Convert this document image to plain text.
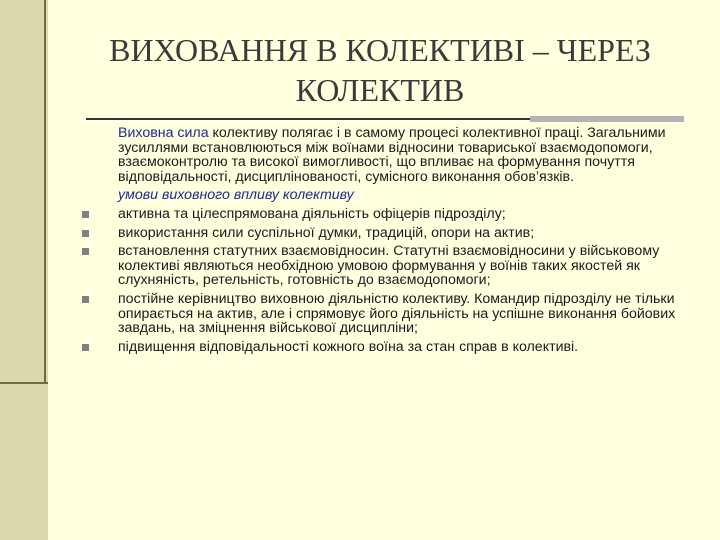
ВИХОВАННЯ В КОЛЕКТИВІ – ЧЕРЕЗ КОЛЕКТИВ

Виховна сила колективу полягає і в самому процесі колективної праці. Загальними зусиллями встановлюються між воїнами відносини товариської взаємодопомоги, взаємоконтролю та високої вимогливості, що впливає на формування почуття відповідальності, дисциплінованості, сумісного виконання обов’язків.

умови виховного впливу колективу

активна та цілеспрямована діяльність офіцерів підрозділу;

використання сили суспільної думки, традицій, опори на актив;

встановлення статутних взаємовідносин. Статутні взаємовідносини у військовому колективі являються необхідною умовою формування у воїнів таких якостей як слухняність, ретельність, готовність до взаємодопомоги;

постійне керівництво виховною діяльністю колективу. Командир підрозділу не тільки опирається на актив, але і спрямовує його діяльність на успішне виконання бойових завдань, на зміцнення військової дисципліни;

підвищення відповідальності кожного воїна за стан справ в колективі.
